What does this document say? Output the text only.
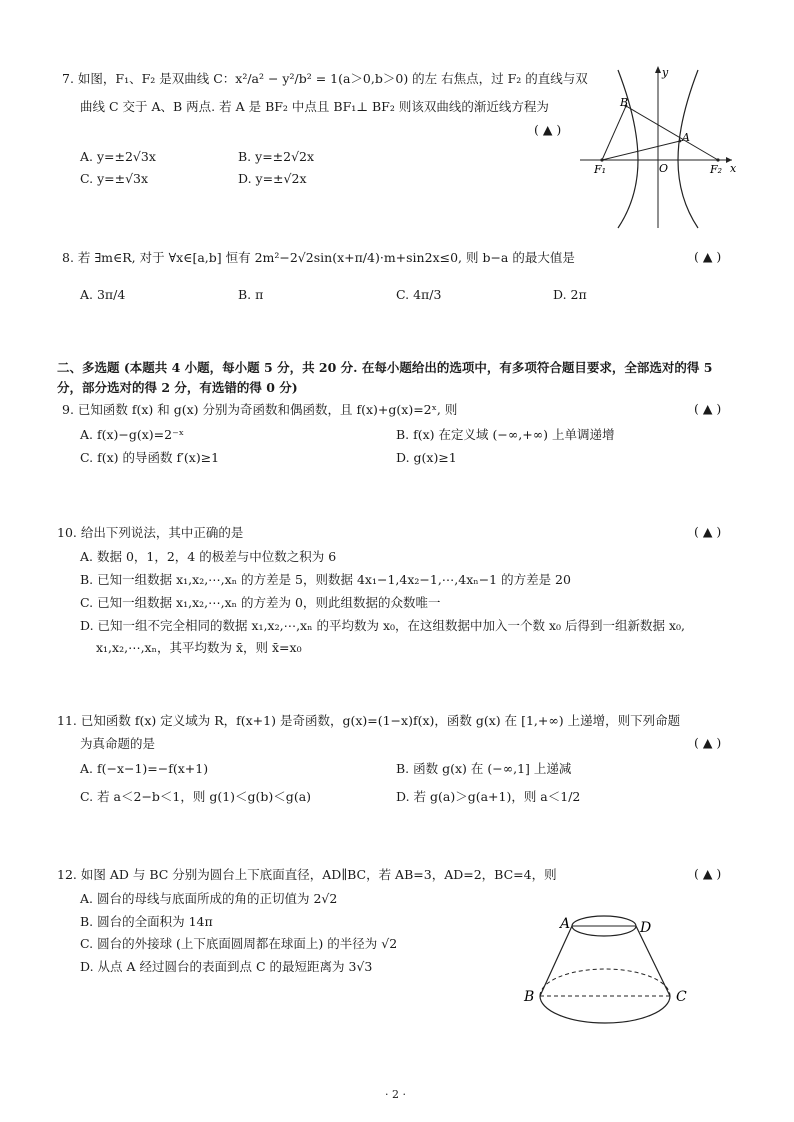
7. 如图，F₁、F₂ 是双曲线 C：x²/a² − y²/b² = 1(a＞0,b＞0) 的左 右焦点，过 F₂ 的直线与双
曲线 C 交于 A、B 两点. 若 A 是 BF₂ 中点且 BF₁⊥ BF₂ 则该双曲线的渐近线方程为
( ▲ )
A. y=±2√3x	B. y=±2√2x
C. y=±√3x	D. y=±√2x
B
A
F₁	O	F₂ x
y
8. 若 ∃m∈R, 对于 ∀x∈[a,b] 恒有 2m²−2√2sin(x+π/4)·m+sin2x≤0, 则 b−a 的最大值是	( ▲ )
A. 3π/4	B. π	C. 4π/3	D. 2π
二、多选题 (本题共 4 小题，每小题 5 分，共 20 分. 在每小题给出的选项中，有多项符合题目要求，全部选对的得 5
分，部分选对的得 2 分，有选错的得 0 分)
9. 已知函数 f(x) 和 g(x) 分别为奇函数和偶函数，且 f(x)+g(x)=2ˣ, 则	( ▲ )
A. f(x)−g(x)=2⁻ˣ	B. f(x) 在定义域 (−∞,+∞) 上单调递增
C. f(x) 的导函数 f′(x)≥1	D. g(x)≥1
10. 给出下列说法，其中正确的是	( ▲ )
A. 数据 0，1，2，4 的极差与中位数之积为 6
B. 已知一组数据 x₁,x₂,⋯,xₙ 的方差是 5，则数据 4x₁−1,4x₂−1,⋯,4xₙ−1 的方差是 20
C. 已知一组数据 x₁,x₂,⋯,xₙ 的方差为 0，则此组数据的众数唯一
D. 已知一组不完全相同的数据 x₁,x₂,⋯,xₙ 的平均数为 x₀，在这组数据中加入一个数 x₀ 后得到一组新数据 x₀,
x₁,x₂,⋯,xₙ，其平均数为 x̄，则 x̄=x₀
11. 已知函数 f(x) 定义域为 R，f(x+1) 是奇函数，g(x)=(1−x)f(x)，函数 g(x) 在 [1,+∞) 上递增，则下列命题
为真命题的是	( ▲ )
A. f(−x−1)=−f(x+1)	B. 函数 g(x) 在 (−∞,1] 上递减
C. 若 a＜2−b＜1，则 g(1)＜g(b)＜g(a)	D. 若 g(a)＞g(a+1)，则 a＜1/2
12. 如图 AD 与 BC 分别为圆台上下底面直径，AD∥BC，若 AB=3，AD=2，BC=4，则	( ▲ )
A. 圆台的母线与底面所成的角的正切值为 2√2
B. 圆台的全面积为 14π
C. 圆台的外接球 (上下底面圆周都在球面上) 的半径为 √2
D. 从点 A 经过圆台的表面到点 C 的最短距离为 3√3
A	D
B	C
· 2 ·
